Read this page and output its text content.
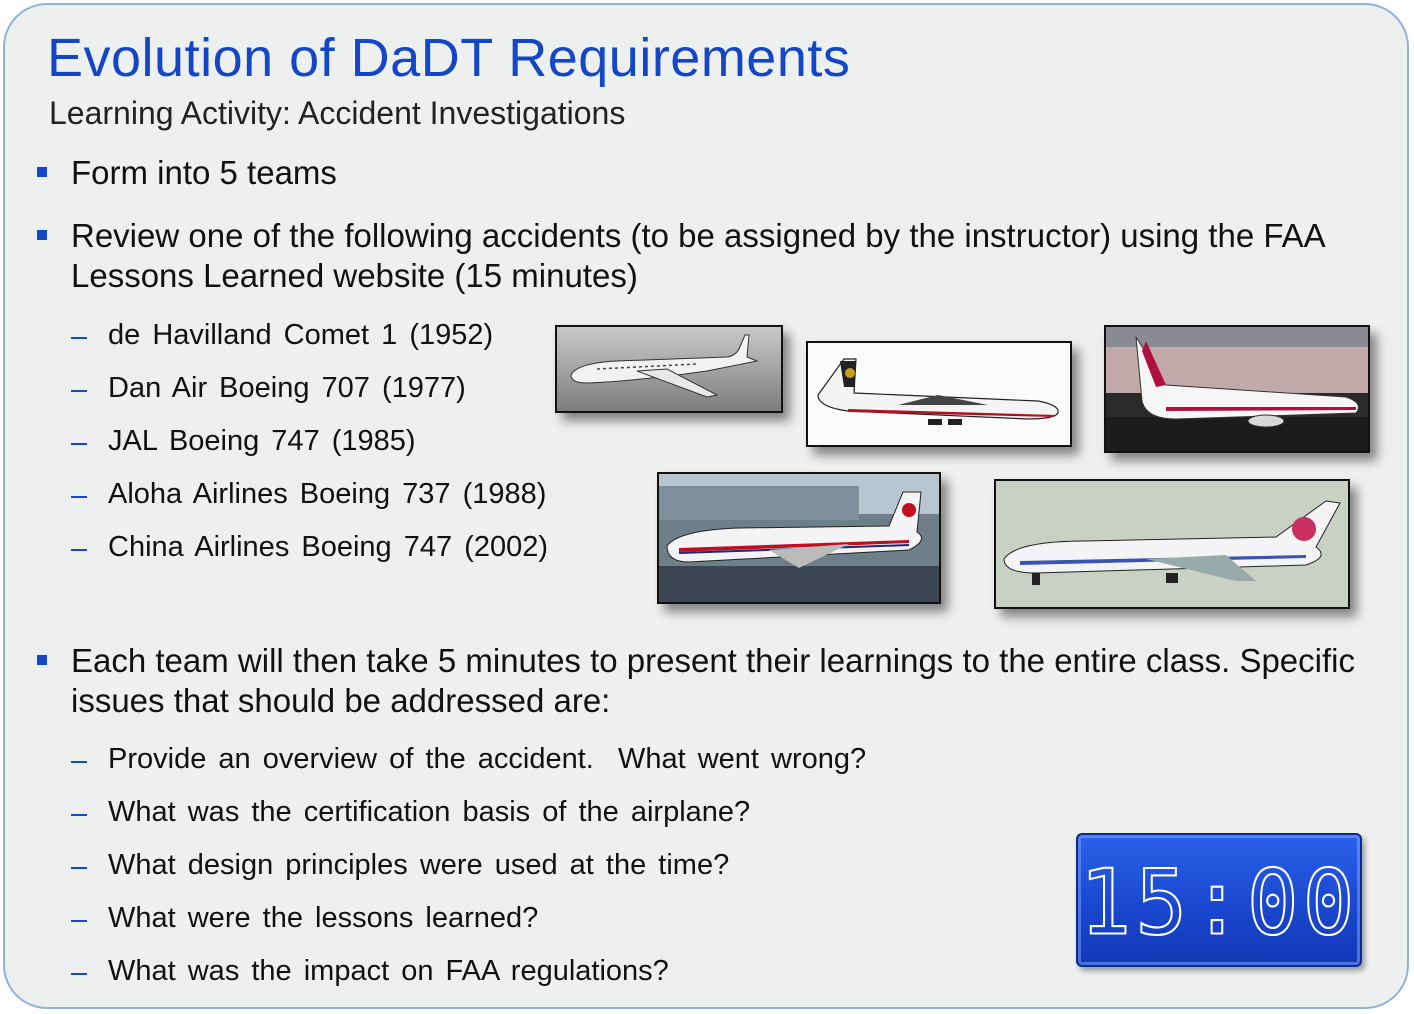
Evolution of DaDT Requirements
Learning Activity: Accident Investigations
Form into 5 teams
Review one of the following accidents (to be assigned by the instructor) using the FAA Lessons Learned website (15 minutes)
de Havilland Comet 1 (1952)
Dan Air Boeing 707 (1977)
JAL Boeing 747 (1985)
Aloha Airlines Boeing 737 (1988)
China Airlines Boeing 747 (2002)
Each team will then take 5 minutes to present their learnings to the entire class. Specific issues that should be addressed are:
Provide an overview of the accident.  What went wrong?
What was the certification basis of the airplane?
What design principles were used at the time?
What were the lessons learned?
What was the impact on FAA regulations?
15:00
